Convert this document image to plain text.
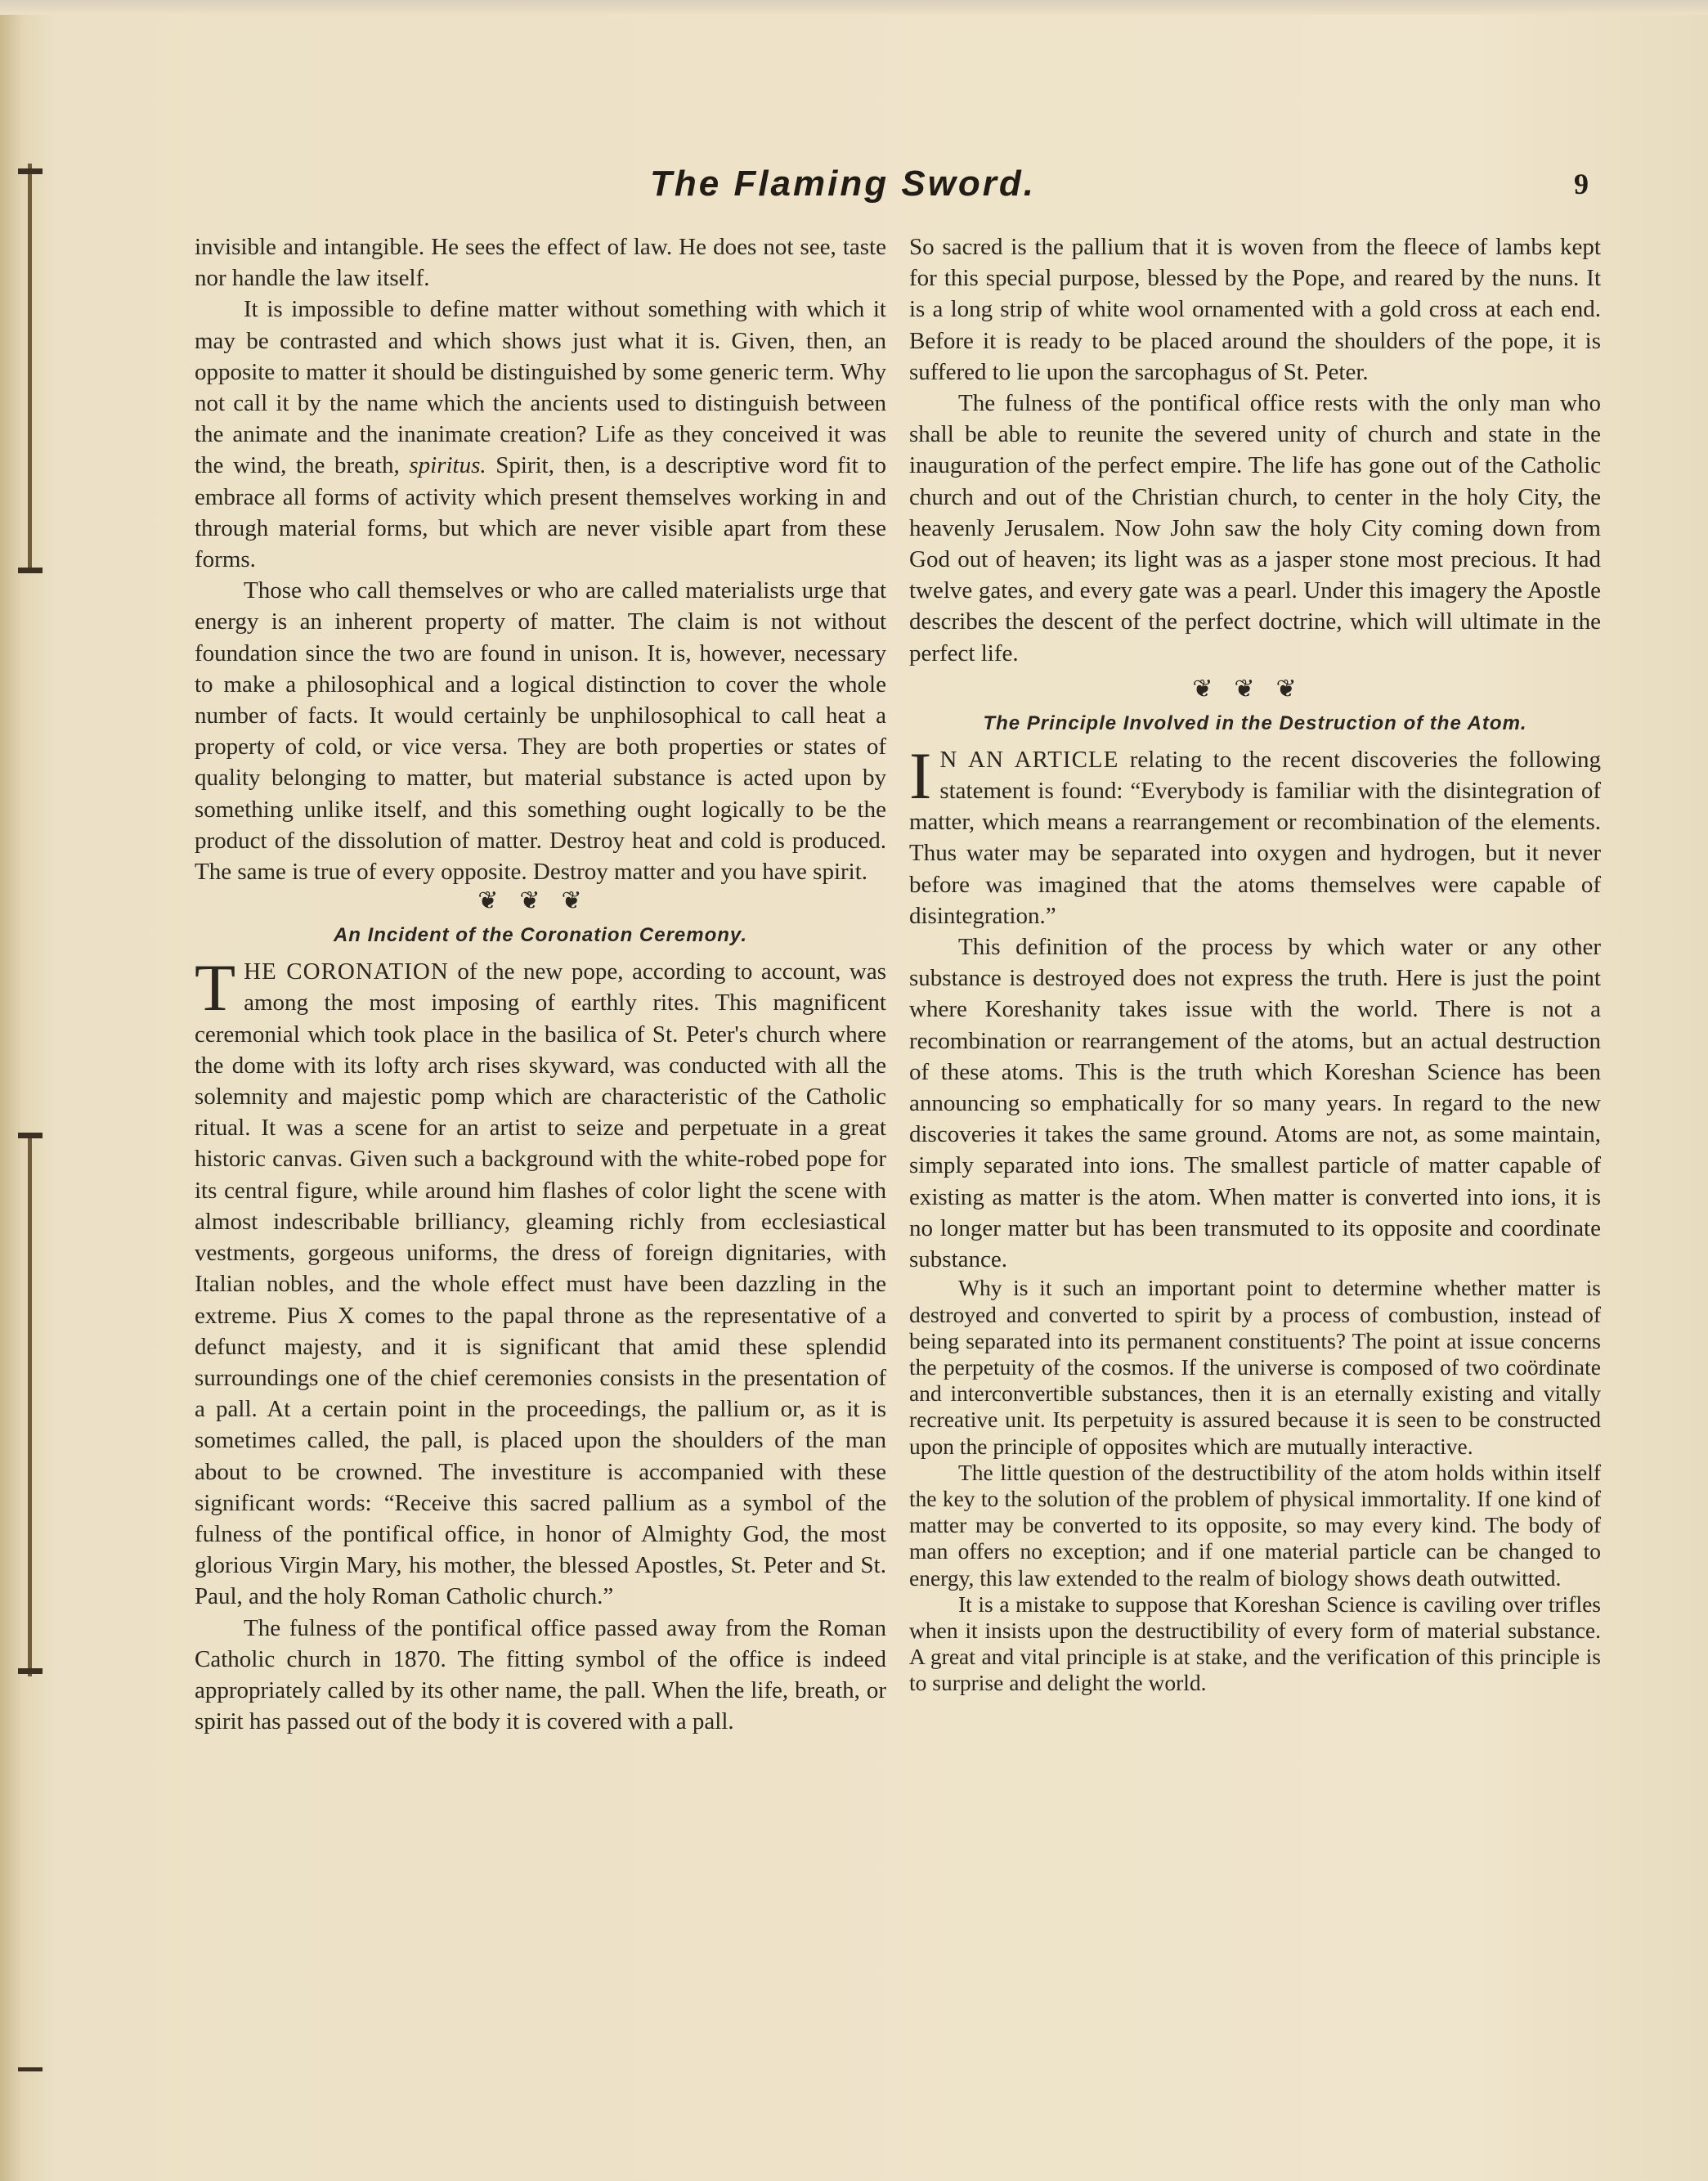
The Flaming Sword.	9

invisible and intangible. He sees the effect of law. He does not see, taste nor handle the law itself.

It is impossible to define matter without something with which it may be contrasted and which shows just what it is. Given, then, an opposite to matter it should be distinguished by some generic term. Why not call it by the name which the ancients used to distinguish between the animate and the inanimate creation? Life as they conceived it was the wind, the breath, spiritus. Spirit, then, is a descriptive word fit to embrace all forms of activity which present themselves working in and through material forms, but which are never visible apart from these forms.

Those who call themselves or who are called materialists urge that energy is an inherent property of matter. The claim is not without foundation since the two are found in unison. It is, however, necessary to make a philosophical and a logical distinction to cover the whole number of facts. It would certainly be unphilosophical to call heat a property of cold, or vice versa. They are both properties or states of quality belonging to matter, but material substance is acted upon by something unlike itself, and this something ought logically to be the product of the dissolution of matter. Destroy heat and cold is produced. The same is true of every opposite. Destroy matter and you have spirit.

❦❦❦
An Incident of the Coronation Ceremony.

THE CORONATION of the new pope, according to account, was among the most imposing of earthly rites. This magnificent ceremonial which took place in the basilica of St. Peter's church where the dome with its lofty arch rises skyward, was conducted with all the solemnity and majestic pomp which are characteristic of the Catholic ritual. It was a scene for an artist to seize and perpetuate in a great historic canvas. Given such a background with the white-robed pope for its central figure, while around him flashes of color light the scene with almost indescribable brilliancy, gleaming richly from ecclesiastical vestments, gorgeous uniforms, the dress of foreign dignitaries, with Italian nobles, and the whole effect must have been dazzling in the extreme. Pius X comes to the papal throne as the representative of a defunct majesty, and it is significant that amid these splendid surroundings one of the chief ceremonies consists in the presentation of a pall. At a certain point in the proceedings, the pallium or, as it is sometimes called, the pall, is placed upon the shoulders of the man about to be crowned. The investiture is accompanied with these significant words: “Receive this sacred pallium as a symbol of the fulness of the pontifical office, in honor of Almighty God, the most glorious Virgin Mary, his mother, the blessed Apostles, St. Peter and St. Paul, and the holy Roman Catholic church.”

The fulness of the pontifical office passed away from the Roman Catholic church in 1870. The fitting symbol of the office is indeed appropriately called by its other name, the pall. When the life, breath, or spirit has passed out of the body it is covered with a pall.

So sacred is the pallium that it is woven from the fleece of lambs kept for this special purpose, blessed by the Pope, and reared by the nuns. It is a long strip of white wool ornamented with a gold cross at each end. Before it is ready to be placed around the shoulders of the pope, it is suffered to lie upon the sarcophagus of St. Peter.

The fulness of the pontifical office rests with the only man who shall be able to reunite the severed unity of church and state in the inauguration of the perfect empire. The life has gone out of the Catholic church and out of the Christian church, to center in the holy City, the heavenly Jerusalem. Now John saw the holy City coming down from God out of heaven; its light was as a jasper stone most precious. It had twelve gates, and every gate was a pearl. Under this imagery the Apostle describes the descent of the perfect doctrine, which will ultimate in the perfect life.

❦❦❦
The Principle Involved in the Destruction of the Atom.

I N AN ARTICLE relating to the recent discoveries the following statement is found: “Everybody is familiar with the disintegration of matter, which means a rearrangement or recombination of the elements. Thus water may be separated into oxygen and hydrogen, but it never before was imagined that the atoms themselves were capable of disintegration.”

This definition of the process by which water or any other substance is destroyed does not express the truth. Here is just the point where Koreshanity takes issue with the world. There is not a recombination or rearrangement of the atoms, but an actual destruction of these atoms. This is the truth which Koreshan Science has been announcing so emphatically for so many years. In regard to the new discoveries it takes the same ground. Atoms are not, as some maintain, simply separated into ions. The smallest particle of matter capable of existing as matter is the atom. When matter is converted into ions, it is no longer matter but has been transmuted to its opposite and coordinate substance.

Why is it such an important point to determine whether matter is destroyed and converted to spirit by a process of combustion, instead of being separated into its permanent constituents? The point at issue concerns the perpetuity of the cosmos. If the universe is composed of two coördinate and interconvertible substances, then it is an eternally existing and vitally recreative unit. Its perpetuity is assured because it is seen to be constructed upon the principle of opposites which are mutually interactive.

The little question of the destructibility of the atom holds within itself the key to the solution of the problem of physical immortality. If one kind of matter may be converted to its opposite, so may every kind. The body of man offers no exception; and if one material particle can be changed to energy, this law extended to the realm of biology shows death outwitted.

It is a mistake to suppose that Koreshan Science is caviling over trifles when it insists upon the destructibility of every form of material substance. A great and vital principle is at stake, and the verification of this principle is to surprise and delight the world.
